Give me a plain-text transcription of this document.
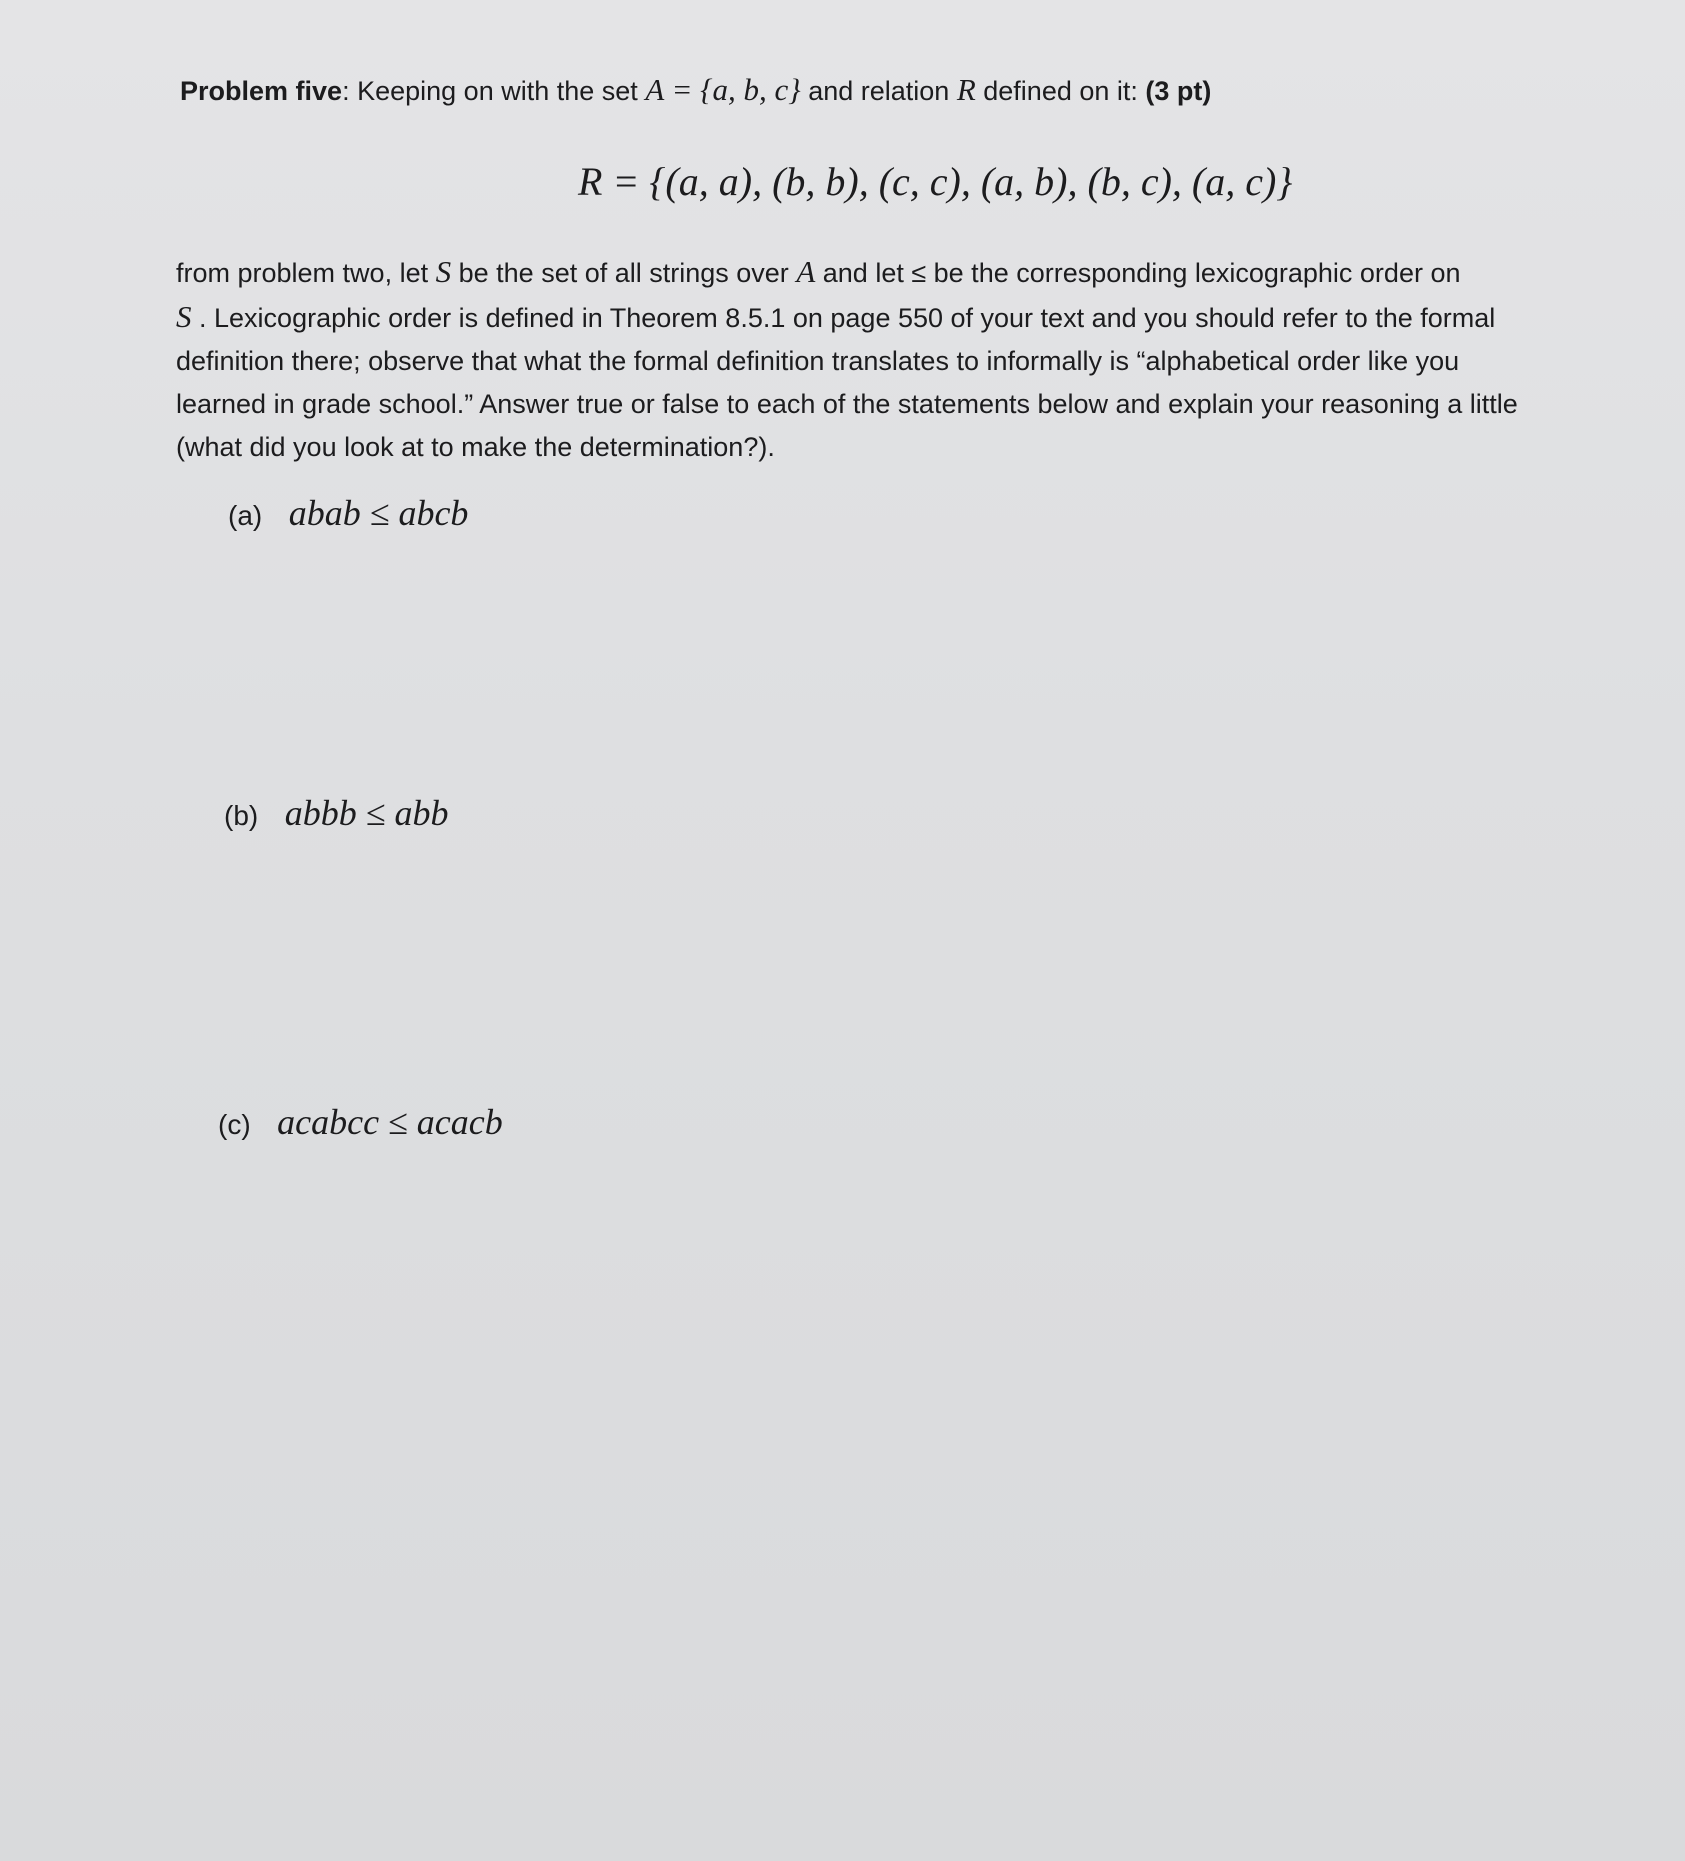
Problem five: Keeping on with the set A = {a, b, c} and relation R defined on it: (3 pt)
R = {(a, a), (b, b), (c, c), (a, b), (b, c), (a, c)}
from problem two, let S be the set of all strings over A and let ≤ be the corresponding lexicographic order on
S . Lexicographic order is defined in Theorem 8.5.1 on page 550 of your text and you should refer to the formal
definition there; observe that what the formal definition translates to informally is “alphabetical order like you
learned in grade school.” Answer true or false to each of the statements below and explain your reasoning a little
(what did you look at to make the determination?).
(a) abab ≤ abcb
(b) abbb ≤ abb
(c) acabcc ≤ acacb
